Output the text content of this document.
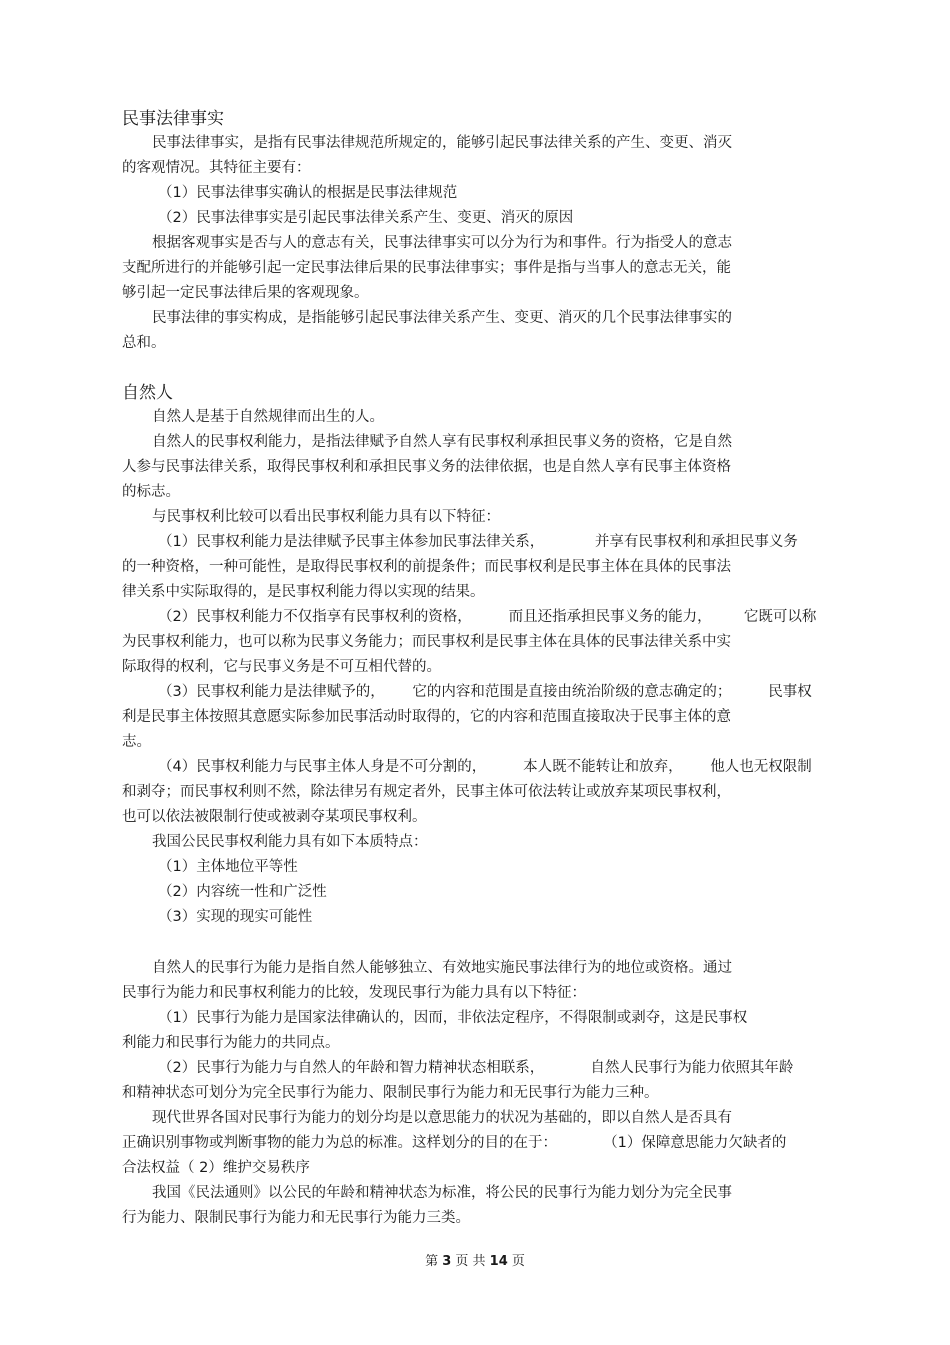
民事法律事实
自然人
民事法律事实，是指有民事法律规范所规定的，能够引起民事法律关系的产生、变更、消灭
的客观情况。其特征主要有：
（1）民事法律事实确认的根据是民事法律规范
（2）民事法律事实是引起民事法律关系产生、变更、消灭的原因
根据客观事实是否与人的意志有关，民事法律事实可以分为行为和事件。行为指受人的意志
支配所进行的并能够引起一定民事法律后果的民事法律事实；事件是指与当事人的意志无关，能
够引起一定民事法律后果的客观现象。
民事法律的事实构成，是指能够引起民事法律关系产生、变更、消灭的几个民事法律事实的
总和。
自然人是基于自然规律而出生的人。
自然人的民事权利能力，是指法律赋予自然人享有民事权利承担民事义务的资格，它是自然
人参与民事法律关系，取得民事权利和承担民事义务的法律依据，也是自然人享有民事主体资格
的标志。
与民事权利比较可以看出民事权利能力具有以下特征：
（1）民事权利能力是法律赋予民事主体参加民事法律关系，           并享有民事权利和承担民事义务
的一种资格，一种可能性，是取得民事权利的前提条件；而民事权利是民事主体在具体的民事法
律关系中实际取得的，是民事权利能力得以实现的结果。
（2）民事权利能力不仅指享有民事权利的资格，        而且还指承担民事义务的能力，       它既可以称
为民事权利能力，也可以称为民事义务能力；而民事权利是民事主体在具体的民事法律关系中实
际取得的权利，它与民事义务是不可互相代替的。
（3）民事权利能力是法律赋予的，      它的内容和范围是直接由统治阶级的意志确定的；        民事权
利是民事主体按照其意愿实际参加民事活动时取得的，它的内容和范围直接取决于民事主体的意
志。
（4）民事权利能力与民事主体人身是不可分割的，        本人既不能转让和放弃，      他人也无权限制
和剥夺；而民事权利则不然，除法律另有规定者外，民事主体可依法转让或放弃某项民事权利，
也可以依法被限制行使或被剥夺某项民事权利。
我国公民民事权利能力具有如下本质特点：
（1）主体地位平等性
（2）内容统一性和广泛性
（3）实现的现实可能性
自然人的民事行为能力是指自然人能够独立、有效地实施民事法律行为的地位或资格。通过
民事行为能力和民事权利能力的比较，发现民事行为能力具有以下特征：
（1）民事行为能力是国家法律确认的，因而，非依法定程序，不得限制或剥夺，这是民事权
利能力和民事行为能力的共同点。
（2）民事行为能力与自然人的年龄和智力精神状态相联系，          自然人民事行为能力依照其年龄
和精神状态可划分为完全民事行为能力、限制民事行为能力和无民事行为能力三种。
现代世界各国对民事行为能力的划分均是以意思能力的状况为基础的，即以自然人是否具有
正确识别事物或判断事物的能力为总的标准。这样划分的目的在于：          （1）保障意思能力欠缺者的
合法权益（ 2）维护交易秩序
我国《民法通则》以公民的年龄和精神状态为标准，将公民的民事行为能力划分为完全民事
行为能力、限制民事行为能力和无民事行为能力三类。
第 3 页 共 14 页
